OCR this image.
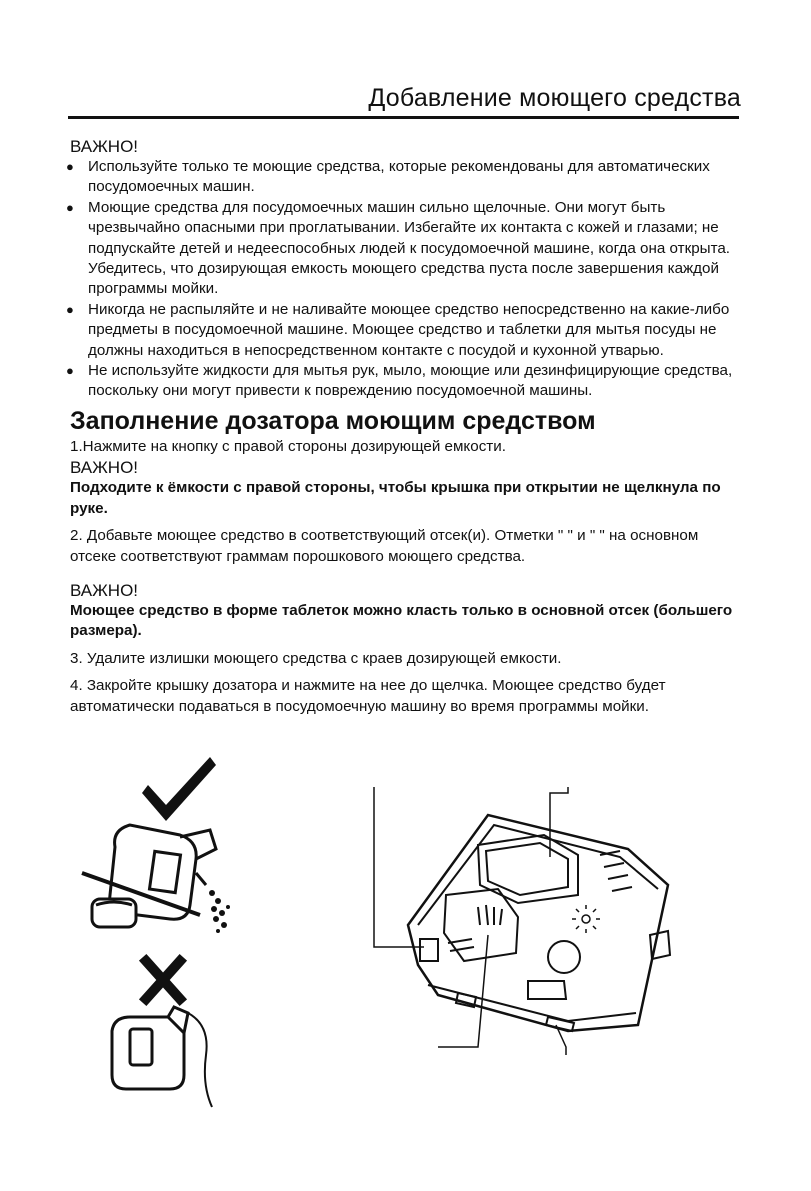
Добавление моющего средства

ВАЖНО!

● Используйте только те моющие средства, которые рекомендованы для автоматических посудомоечных машин.
● Моющие средства для посудомоечных машин сильно щелочные. Они могут быть чрезвычайно опасными при проглатывании. Избегайте их контакта с кожей и глазами; не подпускайте детей и недееспособных людей к посудомоечной машине, когда она открыта. Убедитесь, что дозирующая емкость моющего средства пуста после завершения каждой программы мойки.
● Никогда не распыляйте и не наливайте моющее средство непосредственно на какие-либо предметы в посудомоечной машине. Моющее средство и таблетки для мытья посуды не должны находиться в непосредственном контакте с посудой и кухонной утварью.
● Не используйте жидкости для мытья рук, мыло, моющие или дезинфицирующие средства, поскольку они могут привести к повреждению посудомоечной машины.
Заполнение дозатора моющим средством

1.Нажмите на кнопку с правой стороны дозирующей емкости.

ВАЖНО!

Подходите к ёмкости с правой стороны, чтобы крышка при открытии не щелкнула по руке.

2. Добавьте моющее средство в соответствующий отсек(и). Отметки " " и " " на основном отсеке соответствуют граммам порошкового моющего средства.

ВАЖНО!

Моющее средство в форме таблеток можно класть только в основной отсек (большего размера).

3. Удалите излишки моющего средства с краев дозирующей емкости.

4. Закройте крышку дозатора и нажмите на нее до щелчка. Моющее средство будет автоматически подаваться в посудомоечную машину во время программы мойки.
